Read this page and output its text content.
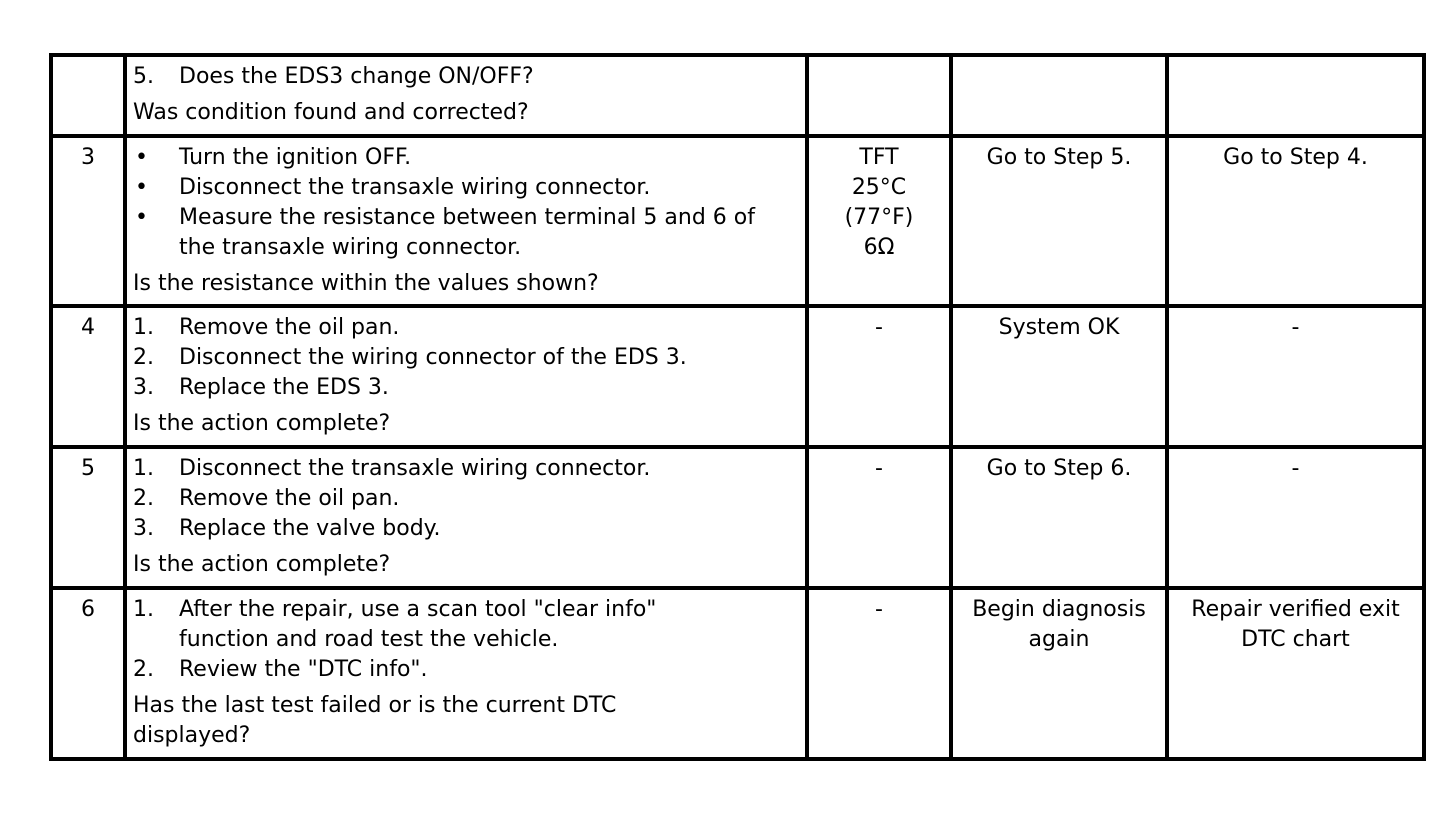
	5. Does the EDS3 change ON/OFF?
Was condition found and corrected?			

3	• Turn the ignition OFF.
• Disconnect the transaxle wiring connector.
• Measure the resistance between terminal 5 and 6 of the transaxle wiring connector.
Is the resistance within the values shown?	TFT
25°C
(77°F)
6Ω	Go to Step 5.	Go to Step 4.

4	1. Remove the oil pan.
2. Disconnect the wiring connector of the EDS 3.
3. Replace the EDS 3.
Is the action complete?	-	System OK	-

5	1. Disconnect the transaxle wiring connector.
2. Remove the oil pan.
3. Replace the valve body.
Is the action complete?	-	Go to Step 6.	-

6	1. After the repair, use a scan tool "clear info" function and road test the vehicle.
2. Review the "DTC info".
Has the last test failed or is the current DTC displayed?	-	Begin diagnosis
again	Repair verified exit
DTC chart
